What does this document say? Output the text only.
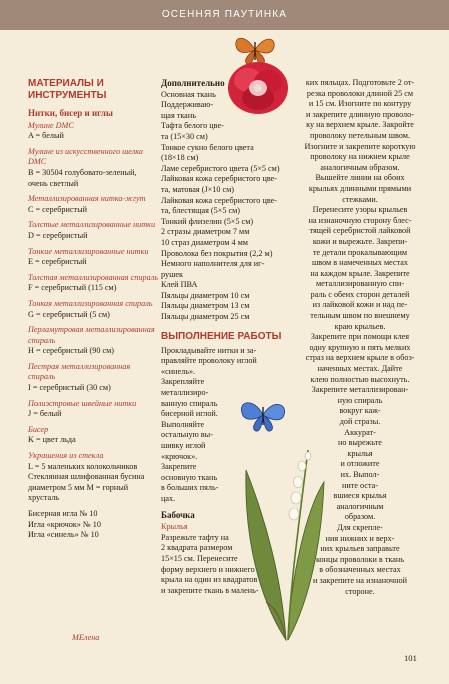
ОСЕННЯЯ ПАУТИНКА
МАТЕРИАЛЫ И ИНСТРУМЕНТЫ
Нитки, бисер и иглы
Мулине DMC
A = белый
Мулине из искусственного шелка DMC
B = 30504 голубовато-зеленый, очень светлый
Металлизированная нитка-жгут
C = серебристый
Толстые металлизированные нитки
D = серебристый
Тонкие металлизированные нитки
E = серебристый
Толстая металлизированная спираль
F = серебристый (115 см)
Тонкая металлизированная спираль
G = серебристый (5 см)
Перламутровая металлизированная спираль
H = серебристый (90 см)
Пестрая металлизированная спираль
I = серебристый (30 см)
Полиэстровые швейные нитки
J = белый
Бисер
K = цвет льда
Украшения из стекла
L = 5 маленьких колокольчиков Стеклянная шлифованная бусина диаметром 5 мм M = горный хрусталь
Бисерная игла № 10
Игла «крючок» № 10
Игла «синель» № 10
Дополнительно
Основная ткань
Поддерживаю-
щая ткань
Тафта белого цве-
та (15×30 см)
Тонкое сукно белого цвета
(18×18 см)
Ламе серебристого цвета (5×5 см)
Лайковая кожа серебристого цве-
та, матовая (J×10 см)
Лайковая кожа серебристого цве-
та, блестящая (5×5 см)
Тонкий флизелин (5×5 см)
2 стразы диаметром 7 мм
10 страз диаметром 4 мм
Проволока без покрытия (2,2 м)
Немного наполнителя для иг-
рушек
Клей ПВА
Пяльцы диаметром 10 см
Пяльцы диаметром 13 см
Пяльцы диаметром 25 см
ВЫПОЛНЕНИЕ РАБОТЫ
Прокладывайте нитки и за-
правляйте проволоку иглой
«синель».
Закрепляйте
металлизиро-
ванную спираль
бисерной иглой.
Выполняйте
остальную вы-
шивку иглой
«крючок».
Закрепите
основную ткань
в больших пяль-
цах.
Бабочка
Крылья
Разрежьте тафту на
2 квадрата размером
15×15 см. Перенесите
форму верхнего и нижнего
крыла на один из квадратов
и закрепите ткань в малень-
ких пяльцах. Подготовьте 2 от-
резка проволоки длиной 25 см
и 15 см. Изогните по контуру
и закрепите длинную проволо-
ку на верхнем крыле. Закройте
проволоку петельным швом.
Изогните и закрепите короткую
проволоку на нижнем крыле
аналогичным образом.
Вышейте линии на обоих
крыльях длинными прямыми
стежками.
Перенесите узоры крыльев
на изнаночную сторону блес-
тящей серебристой лайковой
кожи и вырежьте. Закрепи-
те детали прокалывающим
швом в намеченных местах
на каждом крыле. Закрепите
металлизированную спи-
раль с обеих сторон деталей
из лайковой кожи и над пе-
тельным швом по внешнему
краю крыльев.
Закрепите при помощи клея
одну крупную и пять мелких
страз на верхнем крыле в обоз-
наченных местах. Дайте
клею полностью высохнуть.
Закрепите металлизирован-
ную спираль
вокруг каж-
дой стразы.
Аккурат-
но вырежьте
крылья
и отложите
их. Выпол-
ните оста-
вшиеся крылья
аналогичным
образом.
Для скрепле-
ния нижних и верх-
них крыльев заправьте
концы проволоки в ткань
в обозначенных местах
и закрепите на изнаночной
стороне.
МЕлена
101
